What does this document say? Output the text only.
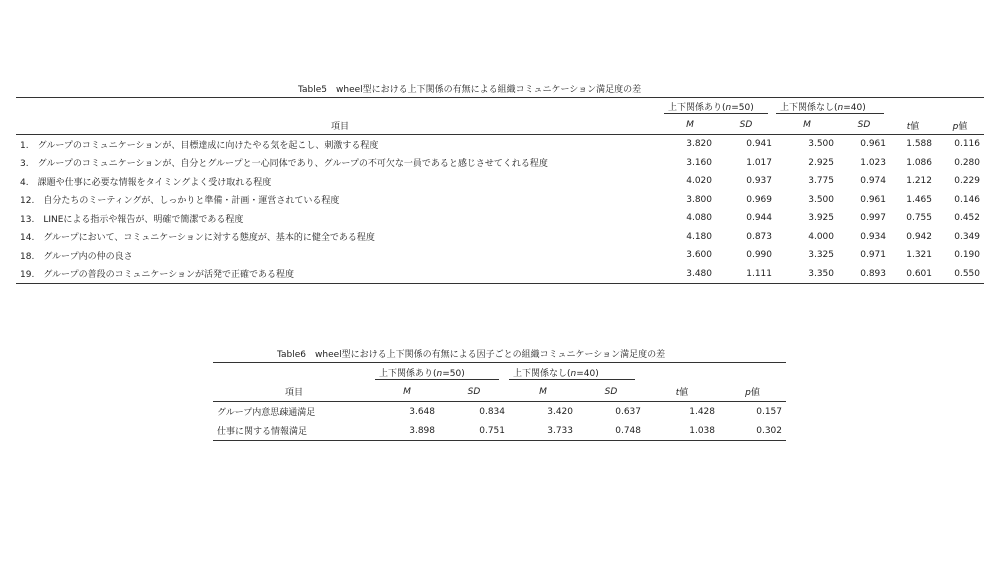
Table5　wheel型における上下関係の有無による組織コミュニケーション満足度の差

	上下関係あり(n=50)		上下関係なし(n=40)			

項目	M	SD	M	SD	t値	p値
1.　グループのコミュニケーションが、目標達成に向けたやる気を起こし、刺激する程度	3.820	0.941	3.500	0.961	1.588	0.116
3.　グループのコミュニケーションが、自分とグループと一心同体であり、グループの不可欠な一員であると感じさせてくれる程度	3.160	1.017	2.925	1.023	1.086	0.280
4.　課題や仕事に必要な情報をタイミングよく受け取れる程度	4.020	0.937	3.775	0.974	1.212	0.229
12.　自分たちのミーティングが、しっかりと準備・計画・運営されている程度	3.800	0.969	3.500	0.961	1.465	0.146
13.　LINEによる指示や報告が、明確で簡潔である程度	4.080	0.944	3.925	0.997	0.755	0.452
14.　グループにおいて、コミュニケーションに対する態度が、基本的に健全である程度	4.180	0.873	4.000	0.934	0.942	0.349
18.　グループ内の仲の良さ	3.600	0.990	3.325	0.971	1.321	0.190
19.　グループの普段のコミュニケーションが活発で正確である程度	3.480	1.111	3.350	0.893	0.601	0.550
Table6　wheel型における上下関係の有無による因子ごとの組織コミュニケーション満足度の差

	上下関係あり(n=50)		上下関係なし(n=40)			

項目	M	SD	M	SD	t値	p値
グループ内意思疎通満足	3.648	0.834	3.420	0.637	1.428	0.157
仕事に関する情報満足	3.898	0.751	3.733	0.748	1.038	0.302
